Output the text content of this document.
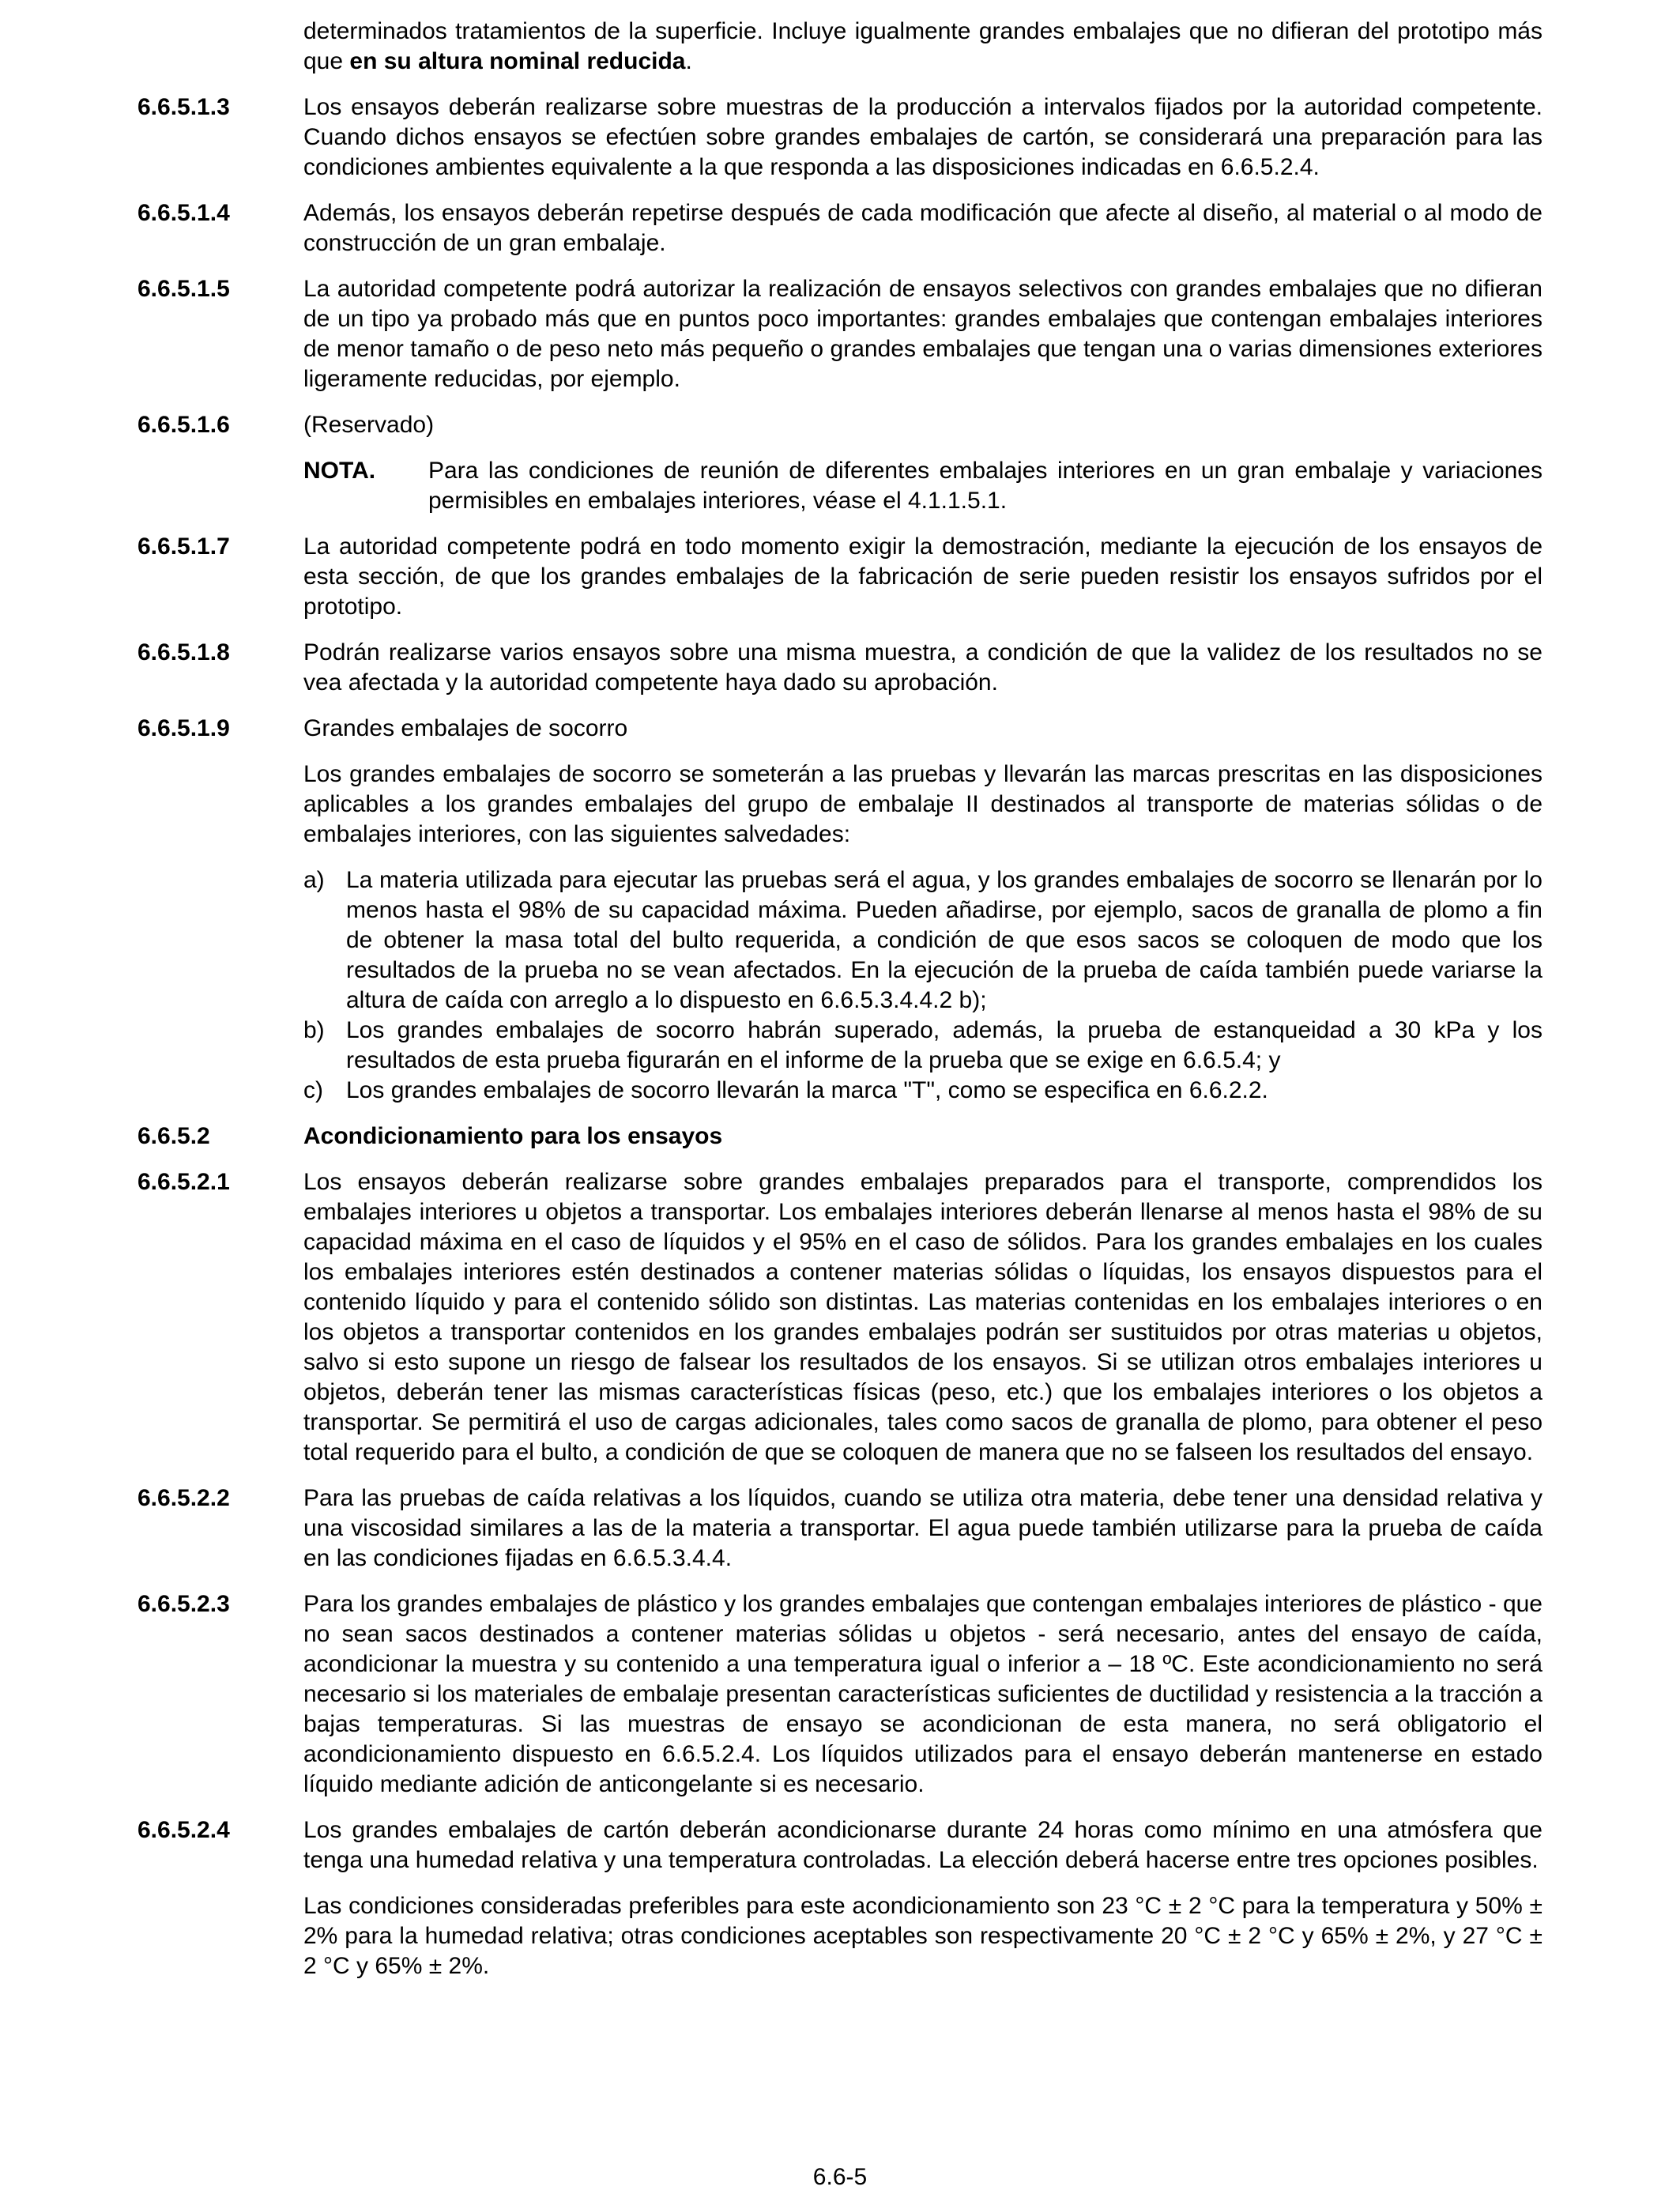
determinados tratamientos de la superficie. Incluye igualmente grandes embalajes que no difieran del prototipo más que en su altura nominal reducida.

6.6.5.1.3	Los ensayos deberán realizarse sobre muestras de la producción a intervalos fijados por la autoridad competente. Cuando dichos ensayos se efectúen sobre grandes embalajes de cartón, se considerará una preparación para las condiciones ambientes equivalente a la que responda a las disposiciones indicadas en 6.6.5.2.4.

6.6.5.1.4	Además, los ensayos deberán repetirse después de cada modificación que afecte al diseño, al material o al modo de construcción de un gran embalaje.

6.6.5.1.5	La autoridad competente podrá autorizar la realización de ensayos selectivos con grandes embalajes que no difieran de un tipo ya probado más que en puntos poco importantes: grandes embalajes que contengan embalajes interiores de menor tamaño o de peso neto más pequeño o grandes embalajes que tengan una o varias dimensiones exteriores ligeramente reducidas, por ejemplo.

6.6.5.1.6	(Reservado)

NOTA.	Para las condiciones de reunión de diferentes embalajes interiores en un gran embalaje y variaciones permisibles en embalajes interiores, véase el 4.1.1.5.1.
6.6.5.1.7	La autoridad competente podrá en todo momento exigir la demostración, mediante la ejecución de los ensayos de esta sección, de que los grandes embalajes de la fabricación de serie pueden resistir los ensayos sufridos por el prototipo.

6.6.5.1.8	Podrán realizarse varios ensayos sobre una misma muestra, a condición de que la validez de los resultados no se vea afectada y la autoridad competente haya dado su aprobación.

6.6.5.1.9	Grandes embalajes de socorro

Los grandes embalajes de socorro se someterán a las pruebas y llevarán las marcas prescritas en las disposiciones aplicables a los grandes embalajes del grupo de embalaje II destinados al transporte de materias sólidas o de embalajes interiores, con las siguientes salvedades:

a) La materia utilizada para ejecutar las pruebas será el agua, y los grandes embalajes de socorro se llenarán por lo menos hasta el 98% de su capacidad máxima. Pueden añadirse, por ejemplo, sacos de granalla de plomo a fin de obtener la masa total del bulto requerida, a condición de que esos sacos se coloquen de modo que los resultados de la prueba no se vean afectados. En la ejecución de la prueba de caída también puede variarse la altura de caída con arreglo a lo dispuesto en 6.6.5.3.4.4.2 b);
b) Los grandes embalajes de socorro habrán superado, además, la prueba de estanqueidad a 30 kPa y los resultados de esta prueba figurarán en el informe de la prueba que se exige en 6.6.5.4; y
c) Los grandes embalajes de socorro llevarán la marca "T", como se especifica en 6.6.2.2.
6.6.5.2	Acondicionamiento para los ensayos

6.6.5.2.1	Los ensayos deberán realizarse sobre grandes embalajes preparados para el transporte, comprendidos los embalajes interiores u objetos a transportar. Los embalajes interiores deberán llenarse al menos hasta el 98% de su capacidad máxima en el caso de líquidos y el 95% en el caso de sólidos. Para los grandes embalajes en los cuales los embalajes interiores estén destinados a contener materias sólidas o líquidas, los ensayos dispuestos para el contenido líquido y para el contenido sólido son distintas. Las materias contenidas en los embalajes interiores o en los objetos a transportar contenidos en los grandes embalajes podrán ser sustituidos por otras materias u objetos, salvo si esto supone un riesgo de falsear los resultados de los ensayos. Si se utilizan otros embalajes interiores u objetos, deberán tener las mismas características físicas (peso, etc.) que los embalajes interiores o los objetos a transportar. Se permitirá el uso de cargas adicionales, tales como sacos de granalla de plomo, para obtener el peso total requerido para el bulto, a condición de que se coloquen de manera que no se falseen los resultados del ensayo.

6.6.5.2.2	Para las pruebas de caída relativas a los líquidos, cuando se utiliza otra materia, debe tener una densidad relativa y una viscosidad similares a las de la materia a transportar. El agua puede también utilizarse para la prueba de caída en las condiciones fijadas en 6.6.5.3.4.4.

6.6.5.2.3	Para los grandes embalajes de plástico y los grandes embalajes que contengan embalajes interiores de plástico - que no sean sacos destinados a contener materias sólidas u objetos - será necesario, antes del ensayo de caída, acondicionar la muestra y su contenido a una temperatura igual o inferior a – 18 ºC. Este acondicionamiento no será necesario si los materiales de embalaje presentan características suficientes de ductilidad y resistencia a la tracción a bajas temperaturas. Si las muestras de ensayo se acondicionan de esta manera, no será obligatorio el acondicionamiento dispuesto en 6.6.5.2.4. Los líquidos utilizados para el ensayo deberán mantenerse en estado líquido mediante adición de anticongelante si es necesario.

6.6.5.2.4	Los grandes embalajes de cartón deberán acondicionarse durante 24 horas como mínimo en una atmósfera que tenga una humedad relativa y una temperatura controladas. La elección deberá hacerse entre tres opciones posibles.

Las condiciones consideradas preferibles para este acondicionamiento son 23 °C ± 2 °C para la temperatura y 50% ± 2% para la humedad relativa; otras condiciones aceptables son respectivamente 20 °C ± 2 °C y 65% ± 2%, y 27 °C ± 2 °C y 65% ± 2%.

6.6-5
